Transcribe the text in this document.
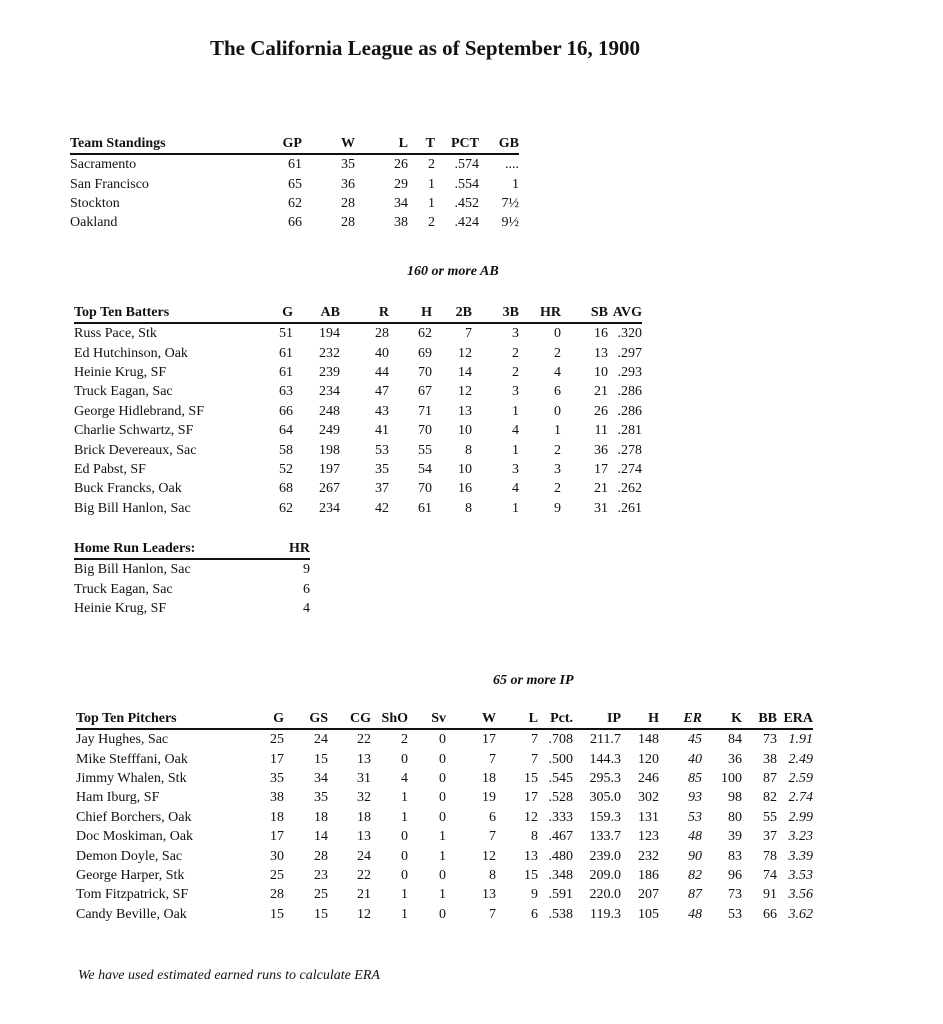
The California League as of September 16, 1900
Team Standings	GP	W	L	T	PCT	GB
Sacramento	61	35	26	2	.574	....
San Francisco	65	36	29	1	.554	1
Stockton	62	28	34	1	.452	7½
Oakland	66	28	38	2	.424	9½
160 or more AB
Top Ten Batters	G	AB	R	H	2B	3B	HR	SB	AVG
Russ Pace, Stk	51	194	28	62	7	3	0	16	.320
Ed Hutchinson, Oak	61	232	40	69	12	2	2	13	.297
Heinie Krug, SF	61	239	44	70	14	2	4	10	.293
Truck Eagan, Sac	63	234	47	67	12	3	6	21	.286
George Hidlebrand, SF	66	248	43	71	13	1	0	26	.286
Charlie Schwartz, SF	64	249	41	70	10	4	1	11	.281
Brick Devereaux, Sac	58	198	53	55	8	1	2	36	.278
Ed Pabst, SF	52	197	35	54	10	3	3	17	.274
Buck Francks, Oak	68	267	37	70	16	4	2	21	.262
Big Bill Hanlon, Sac	62	234	42	61	8	1	9	31	.261
Home Run Leaders:	HR
Big Bill Hanlon, Sac	9
Truck Eagan, Sac	6
Heinie Krug, SF	4
65 or more IP
Top Ten Pitchers	G	GS	CG	ShO	Sv	W	L	Pct.	IP	H	ER	K	BB	ERA
Jay Hughes, Sac	25	24	22	2	0	17	7	.708	211.7	148	45	84	73	1.91
Mike Stefffani, Oak	17	15	13	0	0	7	7	.500	144.3	120	40	36	38	2.49
Jimmy Whalen, Stk	35	34	31	4	0	18	15	.545	295.3	246	85	100	87	2.59
Ham Iburg, SF	38	35	32	1	0	19	17	.528	305.0	302	93	98	82	2.74
Chief Borchers, Oak	18	18	18	1	0	6	12	.333	159.3	131	53	80	55	2.99
Doc Moskiman, Oak	17	14	13	0	1	7	8	.467	133.7	123	48	39	37	3.23
Demon Doyle, Sac	30	28	24	0	1	12	13	.480	239.0	232	90	83	78	3.39
George Harper, Stk	25	23	22	0	0	8	15	.348	209.0	186	82	96	74	3.53
Tom Fitzpatrick, SF	28	25	21	1	1	13	9	.591	220.0	207	87	73	91	3.56
Candy Beville, Oak	15	15	12	1	0	7	6	.538	119.3	105	48	53	66	3.62
We have used estimated earned runs to calculate ERA
